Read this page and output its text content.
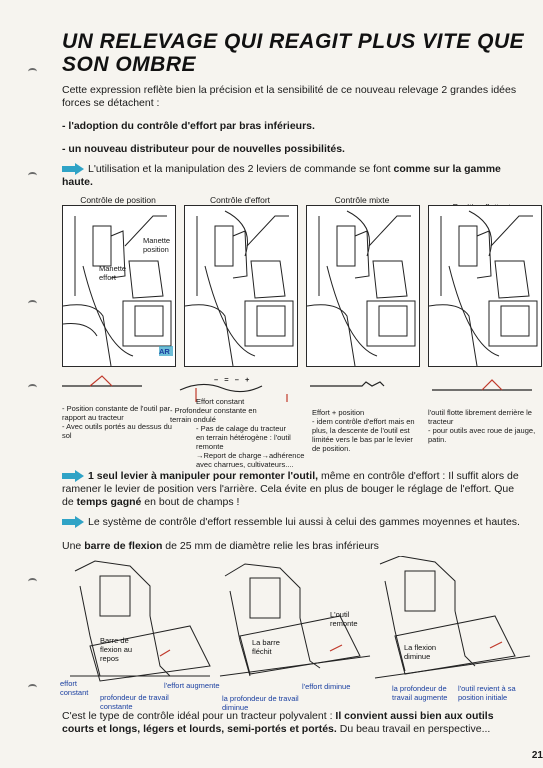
UN RELEVAGE QUI REAGIT PLUS VITE QUE SON OMBRE
Cette expression reflète bien la précision et la sensibilité de ce nouveau relevage 2 grandes idées forces se détachent :
- l'adoption du contrôle d'effort par bras inférieurs.
- un nouveau distributeur pour de nouvelles possibilités.
L'utilisation et la manipulation des 2 leviers de commande se font comme sur la gamme haute.
Contrôle de position	Contrôle d'effort	Contrôle mixte
Manette position
Manette effort
AR
– = – +
- Position constante de l'outil par rapport au tracteur
- Avec outils portés au dessus du sol
Effort constant
- Profondeur constante en terrain ondulé
- Pas de calage du tracteur en terrain hétérogène : l'outil remonte
→Report de charge→adhérence avec charrues, cultivateurs....
Effort + position
- idem contrôle d'effort mais en plus, la descente de l'outil est limitée vers le bas par le levier de position.
l'outil flotte librement derrière le tracteur
- pour outils avec roue de jauge, patin.
1 seul levier à manipuler pour remonter l'outil, même en contrôle d'effort : Il suffit alors de ramener le levier de position vers l'arrière. Cela évite en plus de bouger le réglage de l'effort. Que de temps gagné en bout de champs !
Le système de contrôle d'effort ressemble lui aussi à celui des gammes moyennes et hautes.
Une barre de flexion de 25 mm de diamètre relie les bras inférieurs
Barre de flexion au repos
La barre fléchit	La flexion diminue
L'outil remonte
effort constant
profondeur de travail constante
l'effort augmente
la profondeur de travail diminue
l'effort diminue	la profondeur de travail augmente
l'outil revient à sa position initiale
C'est le type de contrôle idéal pour un tracteur polyvalent : Il convient aussi bien aux outils courts et longs, légers et lourds, semi-portés et portés. Du beau travail en perspective...
21
